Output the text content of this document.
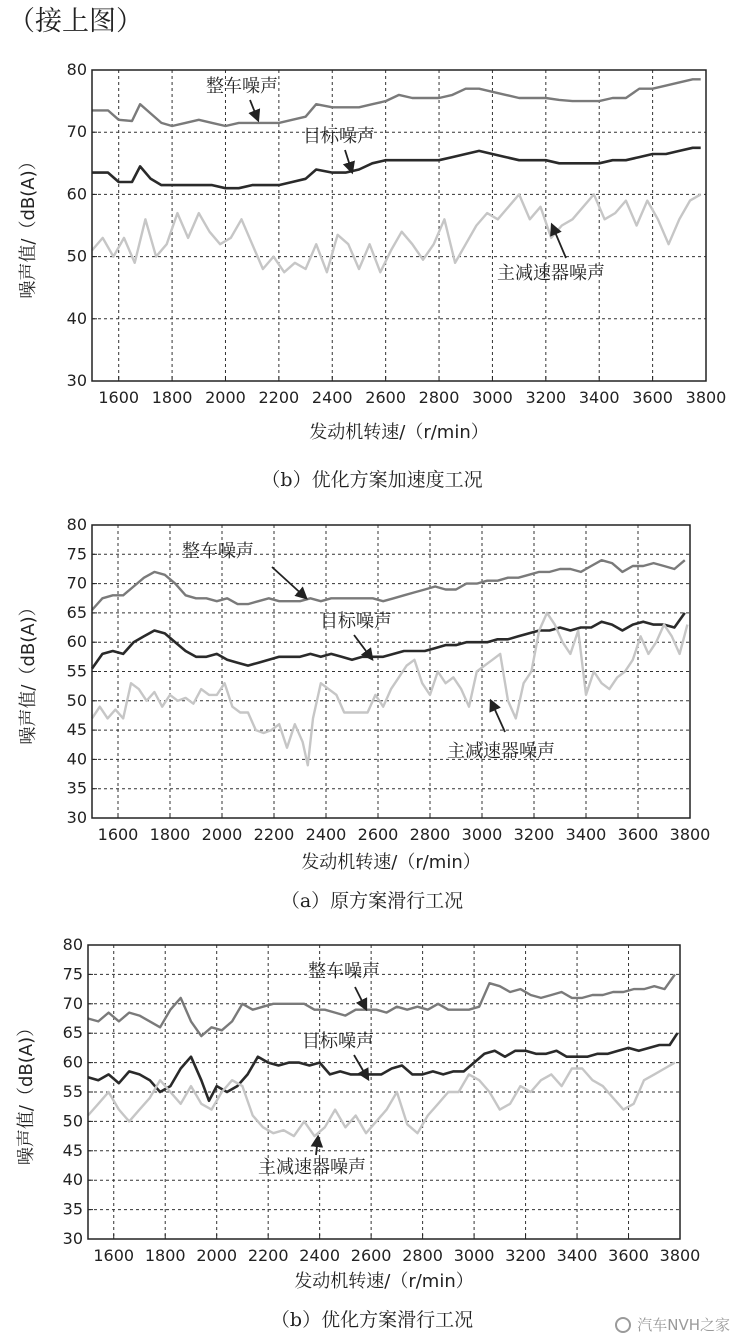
（接上图）
1600 1800 2000 2200 2400 2600 2800 3000 3200 3400 3600 3800
30
40
50
60
70
80
发动机转速/（r/min）
噪声值/（dB(A)）
整车噪声
目标噪声
主减速器噪声
（b）优化方案加速度工况
1600 1800 2000 2200 2400 2600 2800 3000 3200 3400 3600 3800
30
35
40
45
50
55
60
65
70
75
80
发动机转速/（r/min）
噪声值/（dB(A)）
整车噪声
目标噪声
主减速器噪声
（a）原方案滑行工况
1600 1800 2000 2200 2400 2600 2800 3000 3200 3400 3600 3800
30
35
40
45
50
55
60
65
70
75
80
发动机转速/（r/min）
噪声值/（dB(A)）
整车噪声
目标噪声
主减速器噪声
（b）优化方案滑行工况	汽车NVH之家
